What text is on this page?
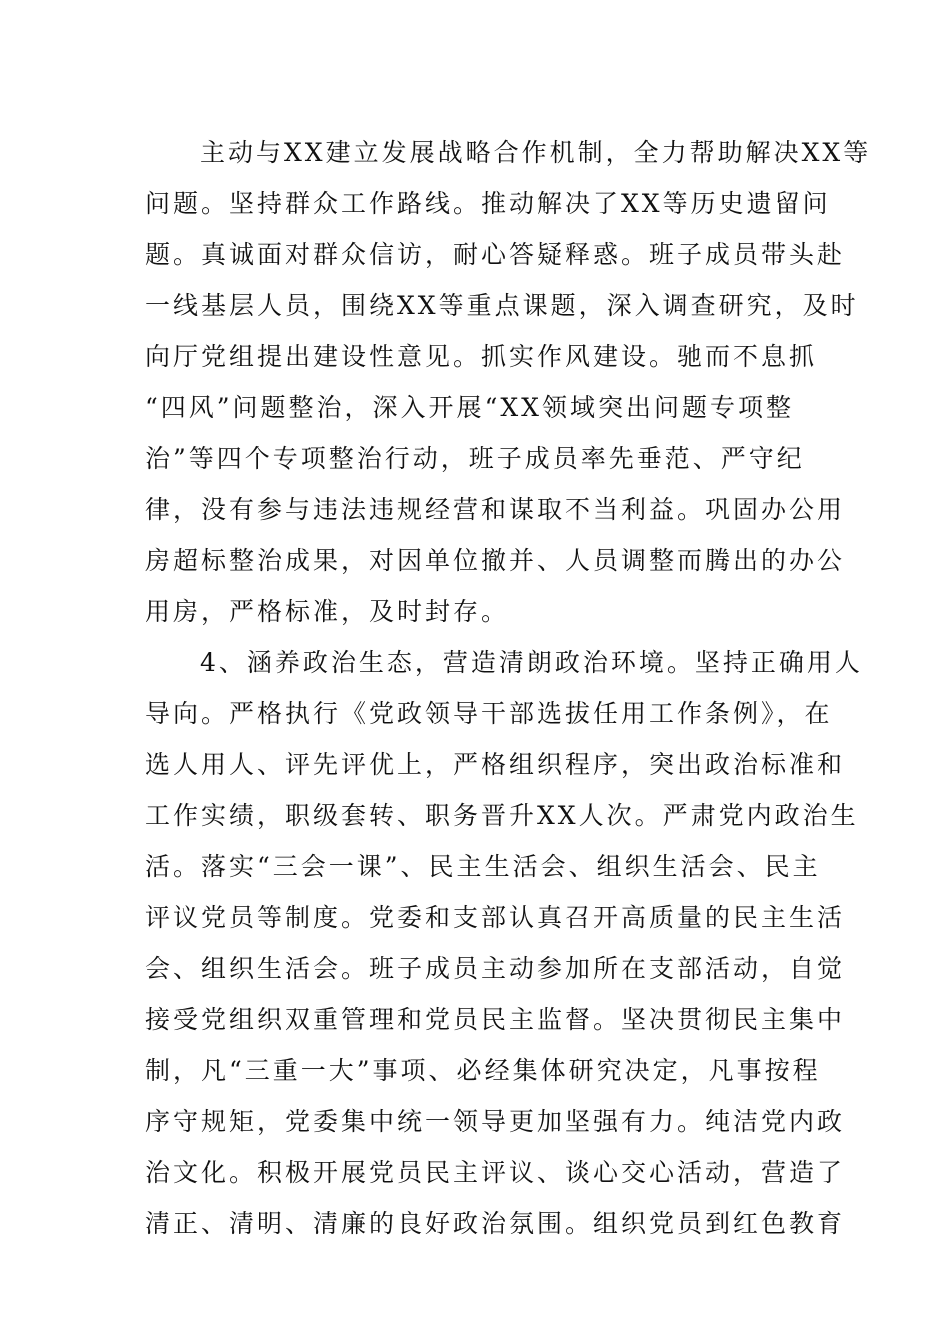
主动与XX建立发展战略合作机制，全力帮助解决XX等
问题。坚持群众工作路线。推动解决了XX等历史遗留问
题。真诚面对群众信访，耐心答疑释惑。班子成员带头赴
一线基层人员，围绕XX等重点课题，深入调查研究，及时
向厅党组提出建设性意见。抓实作风建设。驰而不息抓
“四风”问题整治，深入开展“XX领域突出问题专项整
治”等四个专项整治行动，班子成员率先垂范、严守纪
律，没有参与违法违规经营和谋取不当利益。巩固办公用
房超标整治成果，对因单位撤并、人员调整而腾出的办公
用房，严格标准，及时封存。
4、涵养政治生态，营造清朗政治环境。坚持正确用人
导向。严格执行《党政领导干部选拔任用工作条例》，在
选人用人、评先评优上，严格组织程序，突出政治标准和
工作实绩，职级套转、职务晋升XX人次。严肃党内政治生
活。落实“三会一课”、民主生活会、组织生活会、民主
评议党员等制度。党委和支部认真召开高质量的民主生活
会、组织生活会。班子成员主动参加所在支部活动，自觉
接受党组织双重管理和党员民主监督。坚决贯彻民主集中
制，凡“三重一大”事项、必经集体研究决定，凡事按程
序守规矩，党委集中统一领导更加坚强有力。纯洁党内政
治文化。积极开展党员民主评议、谈心交心活动，营造了
清正、清明、清廉的良好政治氛围。组织党员到红色教育
